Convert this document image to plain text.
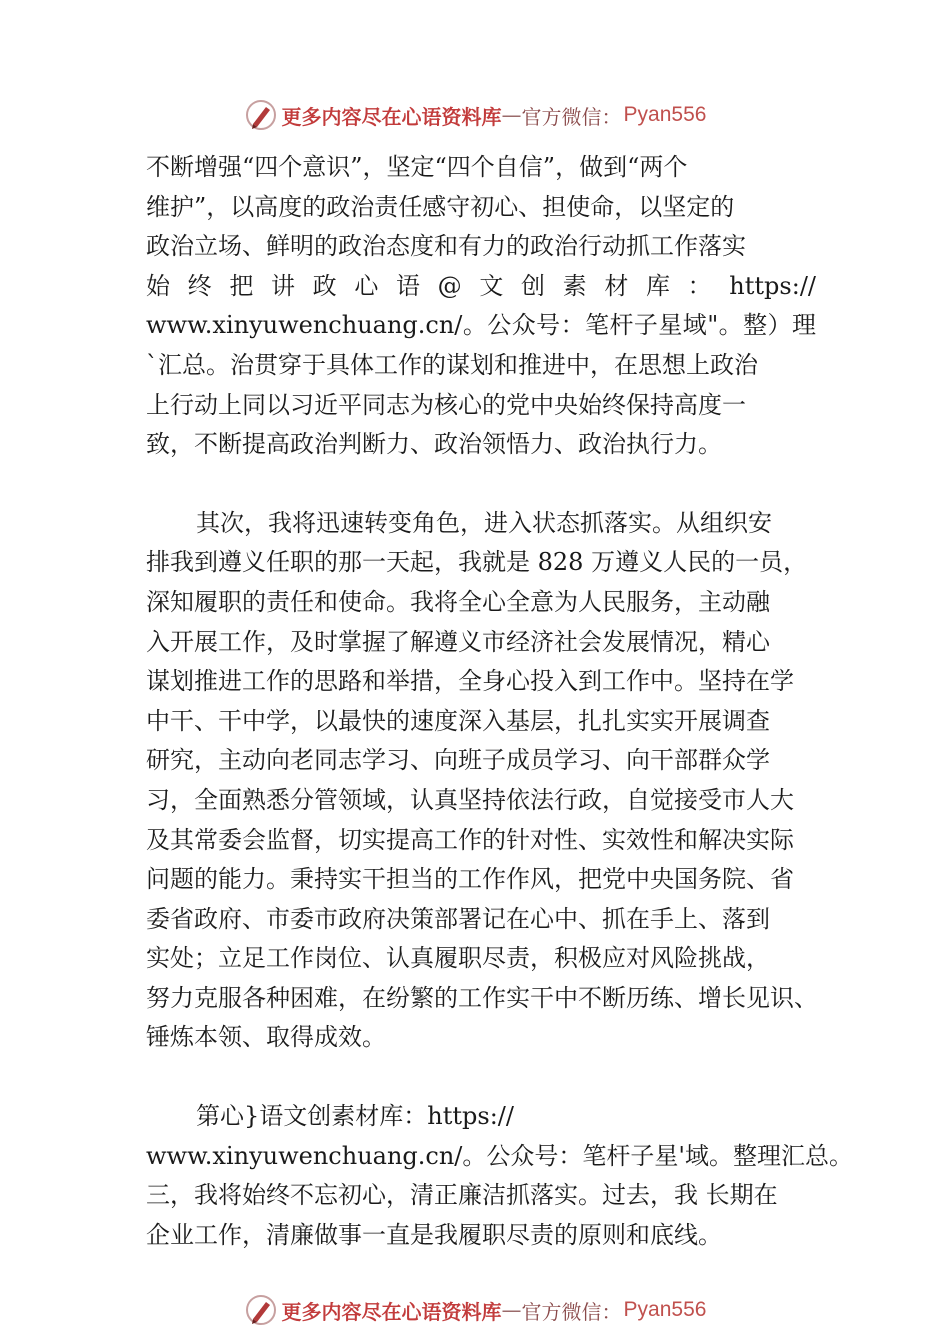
更多内容尽在心语资料库 — 官方微信： Pyan556
不断增强“四个意识”，坚定“四个自信”，做到“两个
维护”，以高度的政治责任感守初心、担使命，以坚定的
政治立场、鲜明的政治态度和有力的政治行动抓工作落实
始终把讲政心语@文创素材库：https://
www.xinyuwenchuang.cn/。公众号：笔杆子星域"。整）理
`汇总。治贯穿于具体工作的谋划和推进中，在思想上政治
上行动上同以习近平同志为核心的党中央始终保持高度一
致，不断提高政治判断力、政治领悟力、政治执行力。
其次，我将迅速转变角色，进入状态抓落实。从组织安
排我到遵义任职的那一天起，我就是 828 万遵义人民的一员，
深知履职的责任和使命。我将全心全意为人民服务，主动融
入开展工作，及时掌握了解遵义市经济社会发展情况，精心
谋划推进工作的思路和举措，全身心投入到工作中。坚持在学
中干、干中学，以最快的速度深入基层，扎扎实实开展调查
研究，主动向老同志学习、向班子成员学习、向干部群众学
习，全面熟悉分管领域，认真坚持依法行政，自觉接受市人大
及其常委会监督，切实提高工作的针对性、实效性和解决实际
问题的能力。秉持实干担当的工作作风，把党中央国务院、省
委省政府、市委市政府决策部署记在心中、抓在手上、落到
实处；立足工作岗位、认真履职尽责，积极应对风险挑战，
努力克服各种困难，在纷繁的工作实干中不断历练、增长见识、
锤炼本领、取得成效。
第心}语文创素材库：https://
www.xinyuwenchuang.cn/。公众号：笔杆子星'域。整理汇总。
三，我将始终不忘初心，清正廉洁抓落实。过去，我 长期在
企业工作，清廉做事一直是我履职尽责的原则和底线。
更多内容尽在心语资料库 — 官方微信： Pyan556
